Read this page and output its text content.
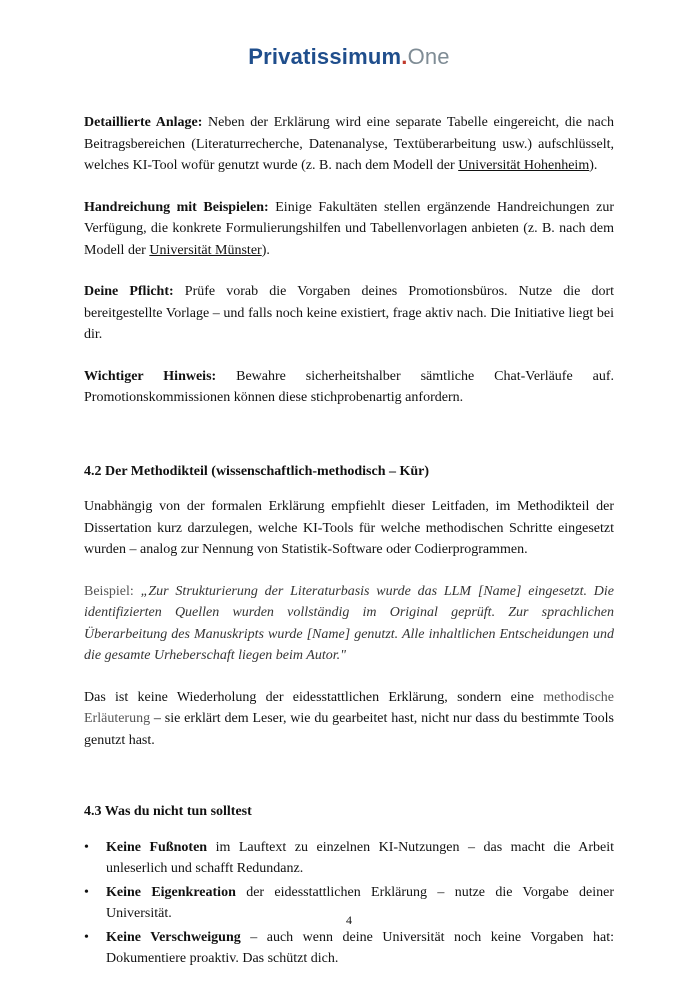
Privatissimum.One

Detaillierte Anlage: Neben der Erklärung wird eine separate Tabelle eingereicht, die nach Beitragsbereichen (Literaturrecherche, Datenanalyse, Textüberarbeitung usw.) aufschlüsselt, welches KI-Tool wofür genutzt wurde (z. B. nach dem Modell der Universität Hohenheim).

Handreichung mit Beispielen: Einige Fakultäten stellen ergänzende Handreichungen zur Verfügung, die konkrete Formulierungshilfen und Tabellenvorlagen anbieten (z. B. nach dem Modell der Universität Münster).

Deine Pflicht: Prüfe vorab die Vorgaben deines Promotionsbüros. Nutze die dort bereitgestellte Vorlage – und falls noch keine existiert, frage aktiv nach. Die Initiative liegt bei dir.

Wichtiger Hinweis: Bewahre sicherheitshalber sämtliche Chat-Verläufe auf. Promotionskommissionen können diese stichprobenartig anfordern.

4.2 Der Methodikteil (wissenschaftlich-methodisch – Kür)

Unabhängig von der formalen Erklärung empfiehlt dieser Leitfaden, im Methodikteil der Dissertation kurz darzulegen, welche KI-Tools für welche methodischen Schritte eingesetzt wurden – analog zur Nennung von Statistik-Software oder Codierprogrammen.

Beispiel: „Zur Strukturierung der Literaturbasis wurde das LLM [Name] eingesetzt. Die identifizierten Quellen wurden vollständig im Original geprüft. Zur sprachlichen Überarbeitung des Manuskripts wurde [Name] genutzt. Alle inhaltlichen Entscheidungen und die gesamte Urheberschaft liegen beim Autor."

Das ist keine Wiederholung der eidesstattlichen Erklärung, sondern eine methodische Erläuterung – sie erklärt dem Leser, wie du gearbeitet hast, nicht nur dass du bestimmte Tools genutzt hast.

4.3 Was du nicht tun solltest
• Keine Fußnoten im Lauftext zu einzelnen KI-Nutzungen – das macht die Arbeit unleserlich und schafft Redundanz.
• Keine Eigenkreation der eidesstattlichen Erklärung – nutze die Vorgabe deiner Universität.
• Keine Verschweigung – auch wenn deine Universität noch keine Vorgaben hat: Dokumentiere proaktiv. Das schützt dich.
4
